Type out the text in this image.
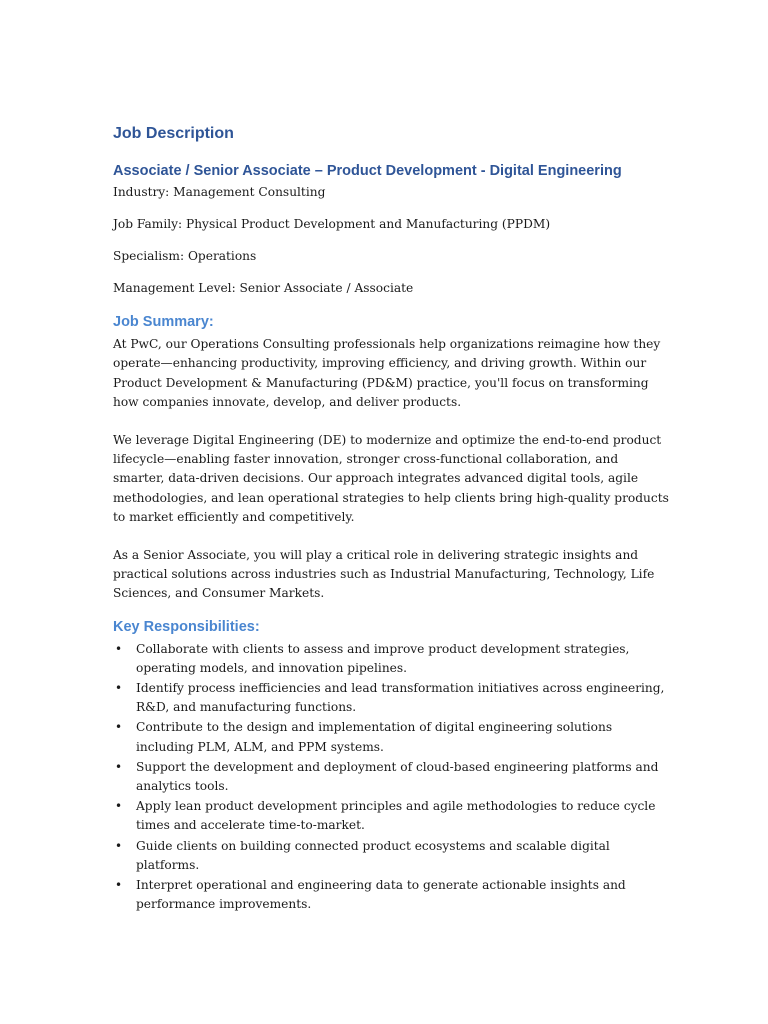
Job Description
Associate / Senior Associate – Product Development - Digital Engineering

Industry: Management Consulting

Job Family: Physical Product Development and Manufacturing (PPDM)

Specialism: Operations

Management Level: Senior Associate / Associate

Job Summary:

At PwC, our Operations Consulting professionals help organizations reimagine how they operate—enhancing productivity, improving efficiency, and driving growth. Within our Product Development & Manufacturing (PD&M) practice, you'll focus on transforming how companies innovate, develop, and deliver products.

We leverage Digital Engineering (DE) to modernize and optimize the end-to-end product lifecycle—enabling faster innovation, stronger cross-functional collaboration, and smarter, data-driven decisions. Our approach integrates advanced digital tools, agile methodologies, and lean operational strategies to help clients bring high-quality products to market efficiently and competitively.

As a Senior Associate, you will play a critical role in delivering strategic insights and practical solutions across industries such as Industrial Manufacturing, Technology, Life Sciences, and Consumer Markets.

Key Responsibilities:
• Collaborate with clients to assess and improve product development strategies, operating models, and innovation pipelines.
• Identify process inefficiencies and lead transformation initiatives across engineering, R&D, and manufacturing functions.
• Contribute to the design and implementation of digital engineering solutions including PLM, ALM, and PPM systems.
• Support the development and deployment of cloud-based engineering platforms and analytics tools.
• Apply lean product development principles and agile methodologies to reduce cycle times and accelerate time-to-market.
• Guide clients on building connected product ecosystems and scalable digital platforms.
• Interpret operational and engineering data to generate actionable insights and performance improvements.
